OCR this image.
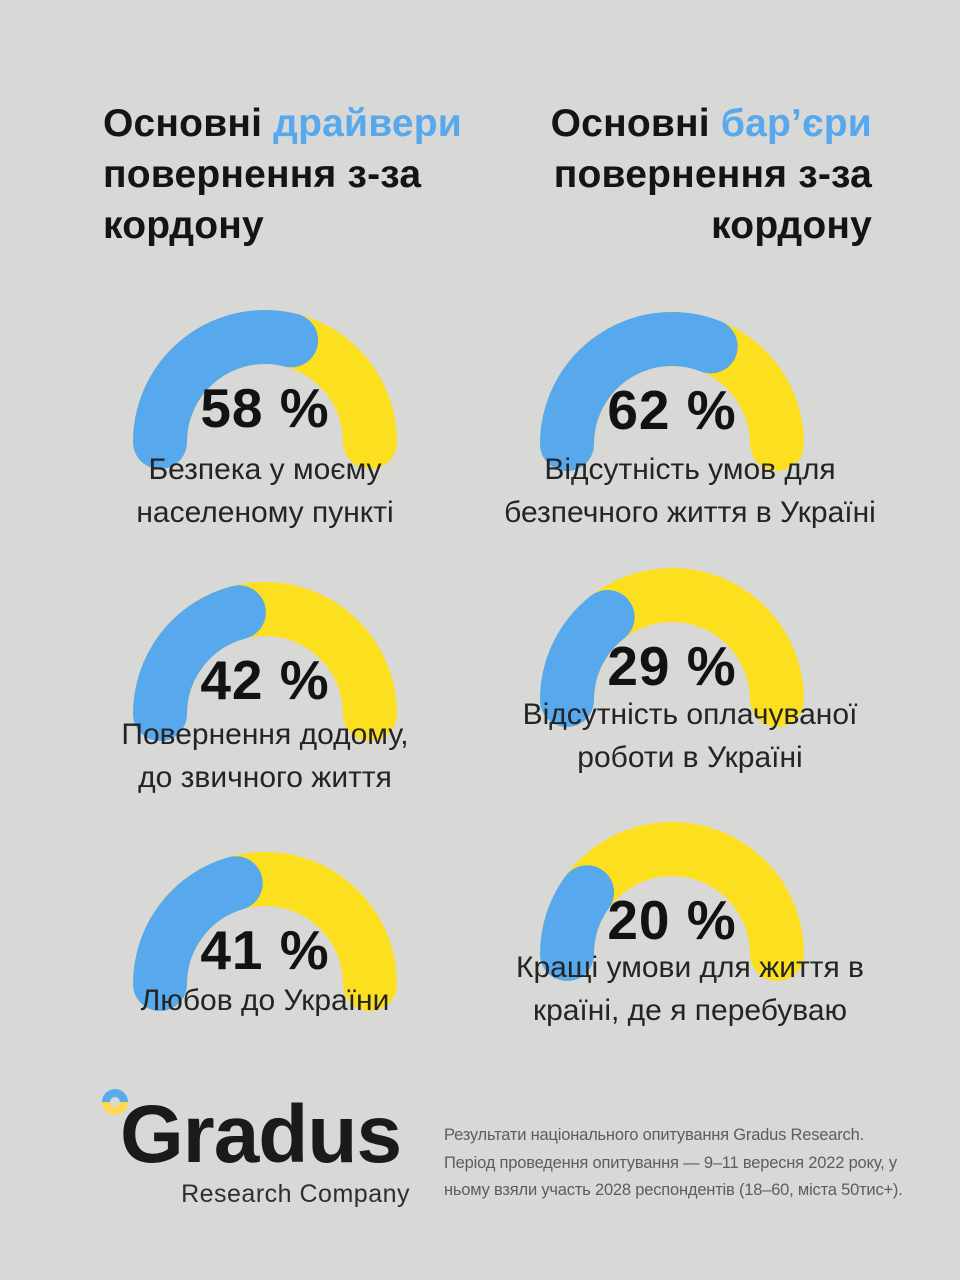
Основні драйвери
повернення з-за
кордону
Основні бар’єри
повернення з-за
кордону
58 %
Безпека у моєму
населеному пункті
42 %
Повернення додому,
до звичного життя
41 %
Любов до України
62 %
Відсутність умов для
безпечного життя в Україні
29 %
Відсутність оплачуваної
роботи в Україні
20 %
Кращі умови для життя в
країні, де я перебуваю
Gradus
Research Company
Результати національного опитування Gradus Research.
Період проведення опитування — 9–11 вересня 2022 року, у
ньому взяли участь 2028 респондентів (18–60, міста 50тис+).
